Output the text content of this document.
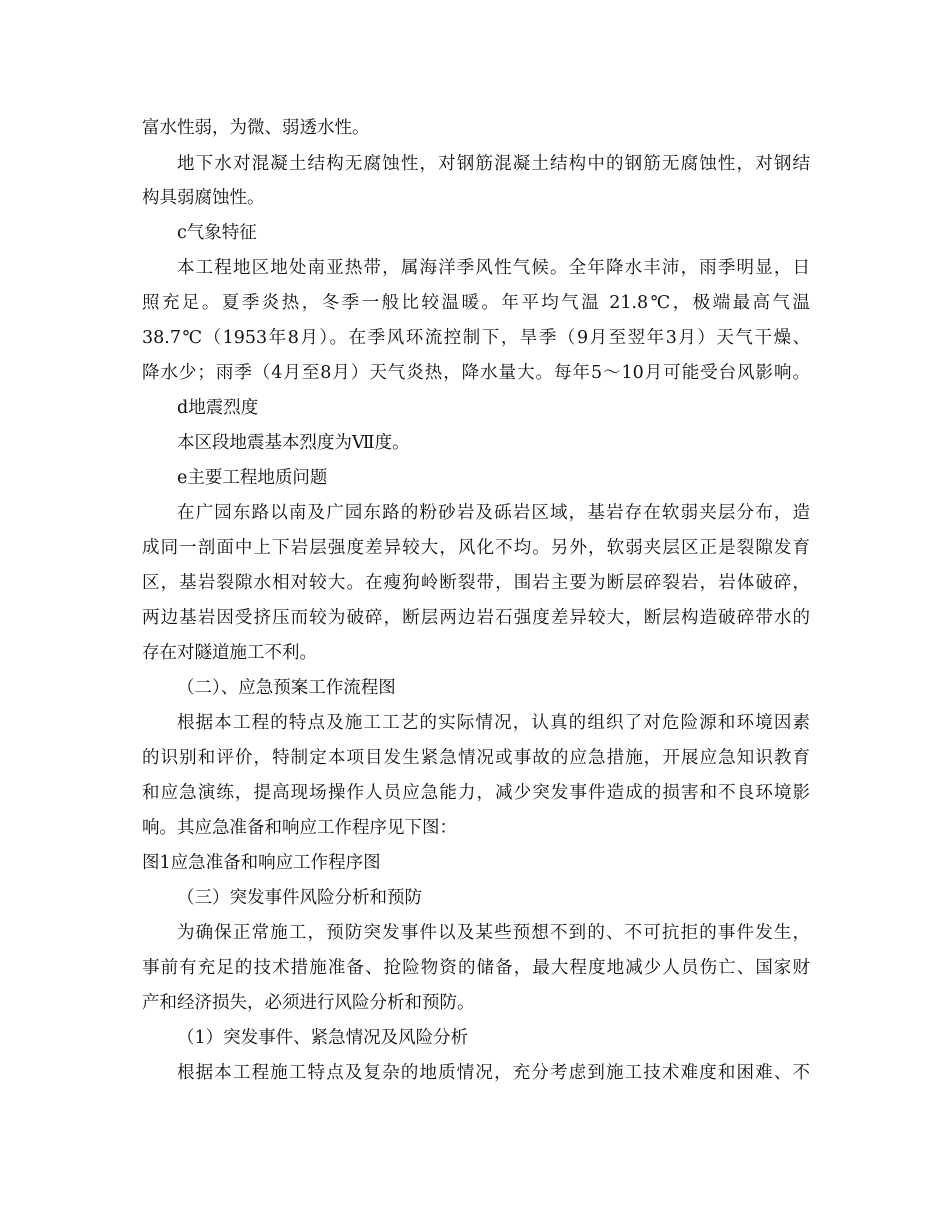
富水性弱，为微、弱透水性。
地下水对混凝土结构无腐蚀性，对钢筋混凝土结构中的钢筋无腐蚀性，对钢结
构具弱腐蚀性。
c气象特征
本工程地区地处南亚热带，属海洋季风性气候。全年降水丰沛，雨季明显，日
照充足。夏季炎热，冬季一般比较温暖。年平均气温 21.8℃，极端最高气温
38.7℃（1953年8月）。在季风环流控制下，旱季（9月至翌年3月）天气干燥、
降水少；雨季（4月至8月）天气炎热，降水量大。每年5～10月可能受台风影响。
d地震烈度
本区段地震基本烈度为Ⅶ度。
e主要工程地质问题
在广园东路以南及广园东路的粉砂岩及砾岩区域，基岩存在软弱夹层分布，造
成同一剖面中上下岩层强度差异较大，风化不均。另外，软弱夹层区正是裂隙发育
区，基岩裂隙水相对较大。在瘦狗岭断裂带，围岩主要为断层碎裂岩，岩体破碎，
两边基岩因受挤压而较为破碎，断层两边岩石强度差异较大，断层构造破碎带水的
存在对隧道施工不利。
（二）、应急预案工作流程图
根据本工程的特点及施工工艺的实际情况，认真的组织了对危险源和环境因素
的识别和评价，特制定本项目发生紧急情况或事故的应急措施，开展应急知识教育
和应急演练，提高现场操作人员应急能力，减少突发事件造成的损害和不良环境影
响。其应急准备和响应工作程序见下图：
图1应急准备和响应工作程序图
（三）突发事件风险分析和预防
为确保正常施工，预防突发事件以及某些预想不到的、不可抗拒的事件发生，
事前有充足的技术措施准备、抢险物资的储备，最大程度地减少人员伤亡、国家财
产和经济损失，必须进行风险分析和预防。
（1）突发事件、紧急情况及风险分析
根据本工程施工特点及复杂的地质情况，充分考虑到施工技术难度和困难、不
